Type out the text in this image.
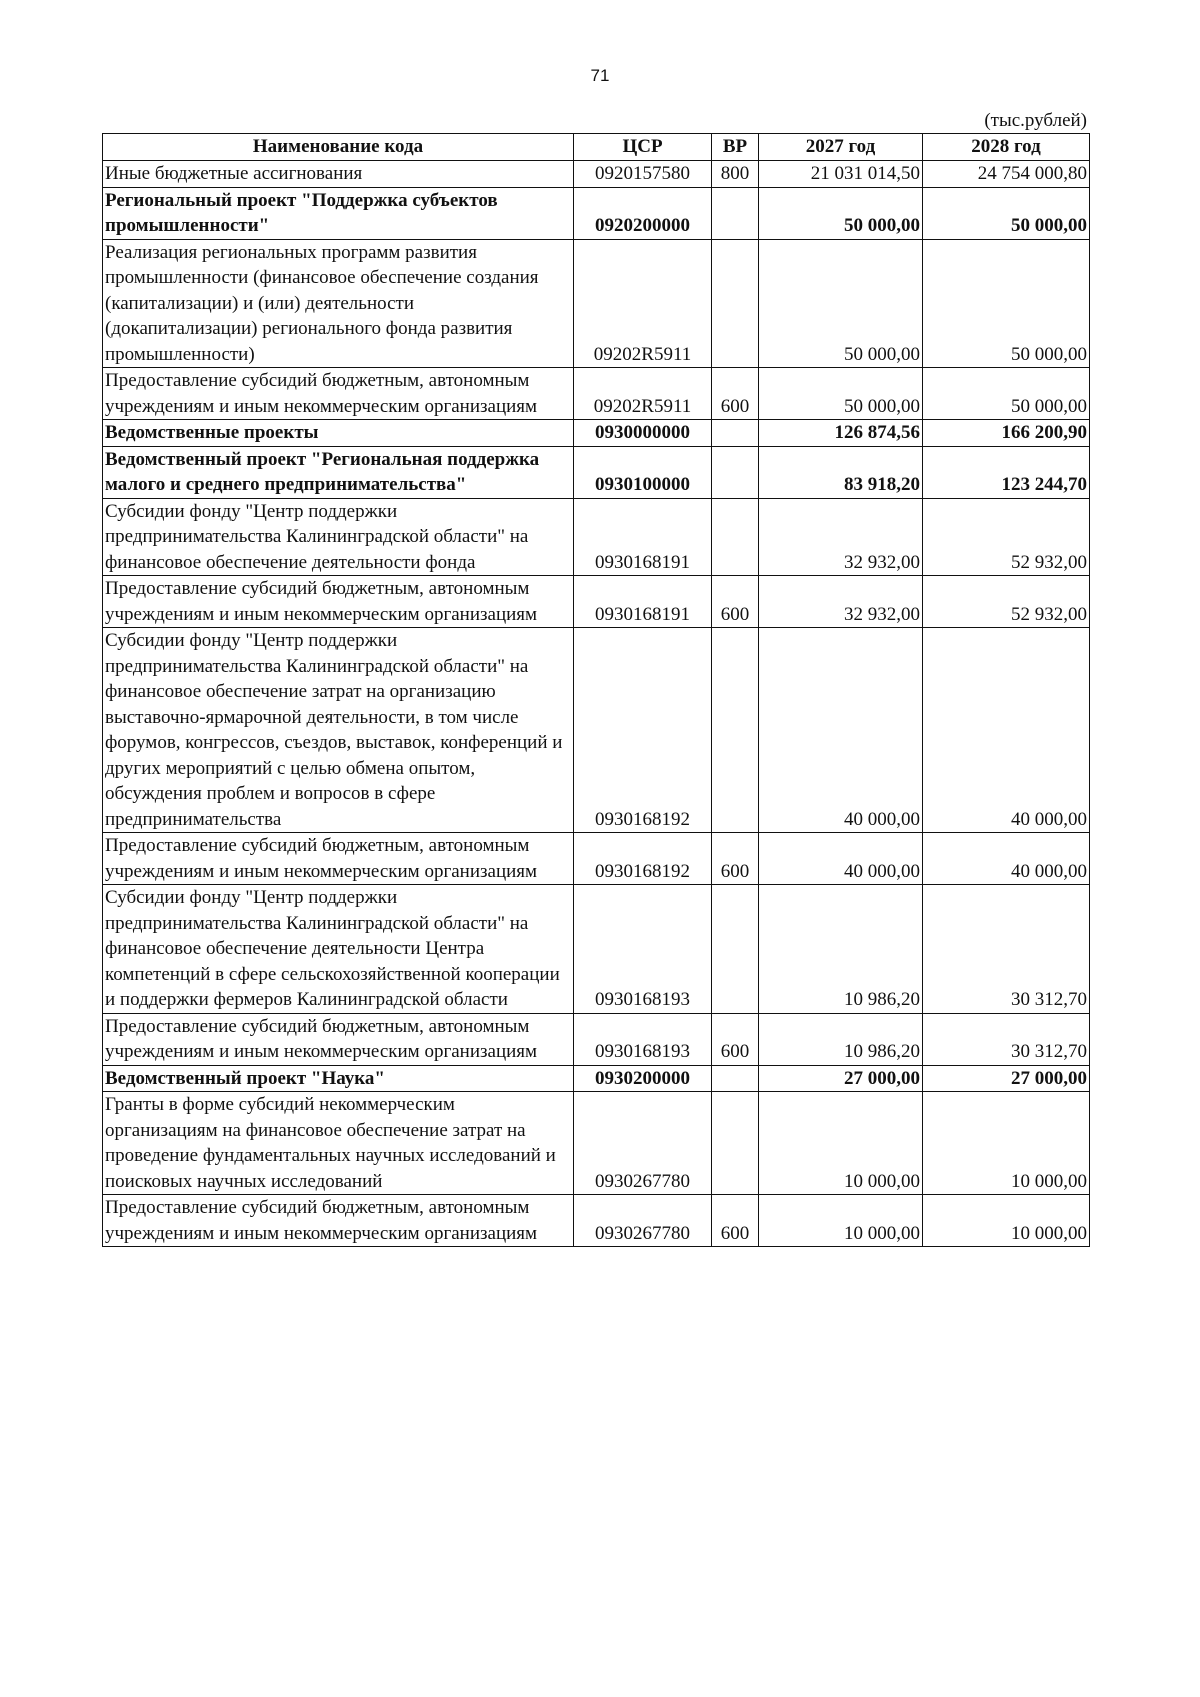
71
(тыс.рублей)
Наименование кода	ЦСР	ВР	2027 год	2028 год
Иные бюджетные ассигнования	0920157580	800	21 031 014,50	24 754 000,80
Региональный проект "Поддержка субъектов промышленности"	0920200000		50 000,00	50 000,00
Реализация региональных программ развития промышленности (финансовое обеспечение создания (капитализации) и (или) деятельности (докапитализации) регионального фонда развития промышленности)	09202R5911		50 000,00	50 000,00
Предоставление субсидий бюджетным, автономным учреждениям и иным некоммерческим организациям	09202R5911	600	50 000,00	50 000,00
Ведомственные проекты	0930000000		126 874,56	166 200,90
Ведомственный проект "Региональная поддержка малого и среднего предпринимательства"	0930100000		83 918,20	123 244,70
Субсидии фонду "Центр поддержки предпринимательства Калининградской области" на финансовое обеспечение деятельности фонда	0930168191		32 932,00	52 932,00
Предоставление субсидий бюджетным, автономным учреждениям и иным некоммерческим организациям	0930168191	600	32 932,00	52 932,00
Субсидии фонду "Центр поддержки предпринимательства Калининградской области" на финансовое обеспечение затрат на организацию выставочно-ярмарочной деятельности, в том числе форумов, конгрессов, съездов, выставок, конференций и других мероприятий с целью обмена опытом, обсуждения проблем и вопросов в сфере предпринимательства	0930168192		40 000,00	40 000,00
Предоставление субсидий бюджетным, автономным учреждениям и иным некоммерческим организациям	0930168192	600	40 000,00	40 000,00
Субсидии фонду "Центр поддержки предпринимательства Калининградской области" на финансовое обеспечение деятельности Центра компетенций в сфере сельскохозяйственной кооперации и поддержки фермеров Калининградской области	0930168193		10 986,20	30 312,70
Предоставление субсидий бюджетным, автономным учреждениям и иным некоммерческим организациям	0930168193	600	10 986,20	30 312,70
Ведомственный проект "Наука"	0930200000		27 000,00	27 000,00
Гранты в форме субсидий некоммерческим организациям на финансовое обеспечение затрат на проведение фундаментальных научных исследований и поисковых научных исследований	0930267780		10 000,00	10 000,00
Предоставление субсидий бюджетным, автономным учреждениям и иным некоммерческим организациям	0930267780	600	10 000,00	10 000,00
